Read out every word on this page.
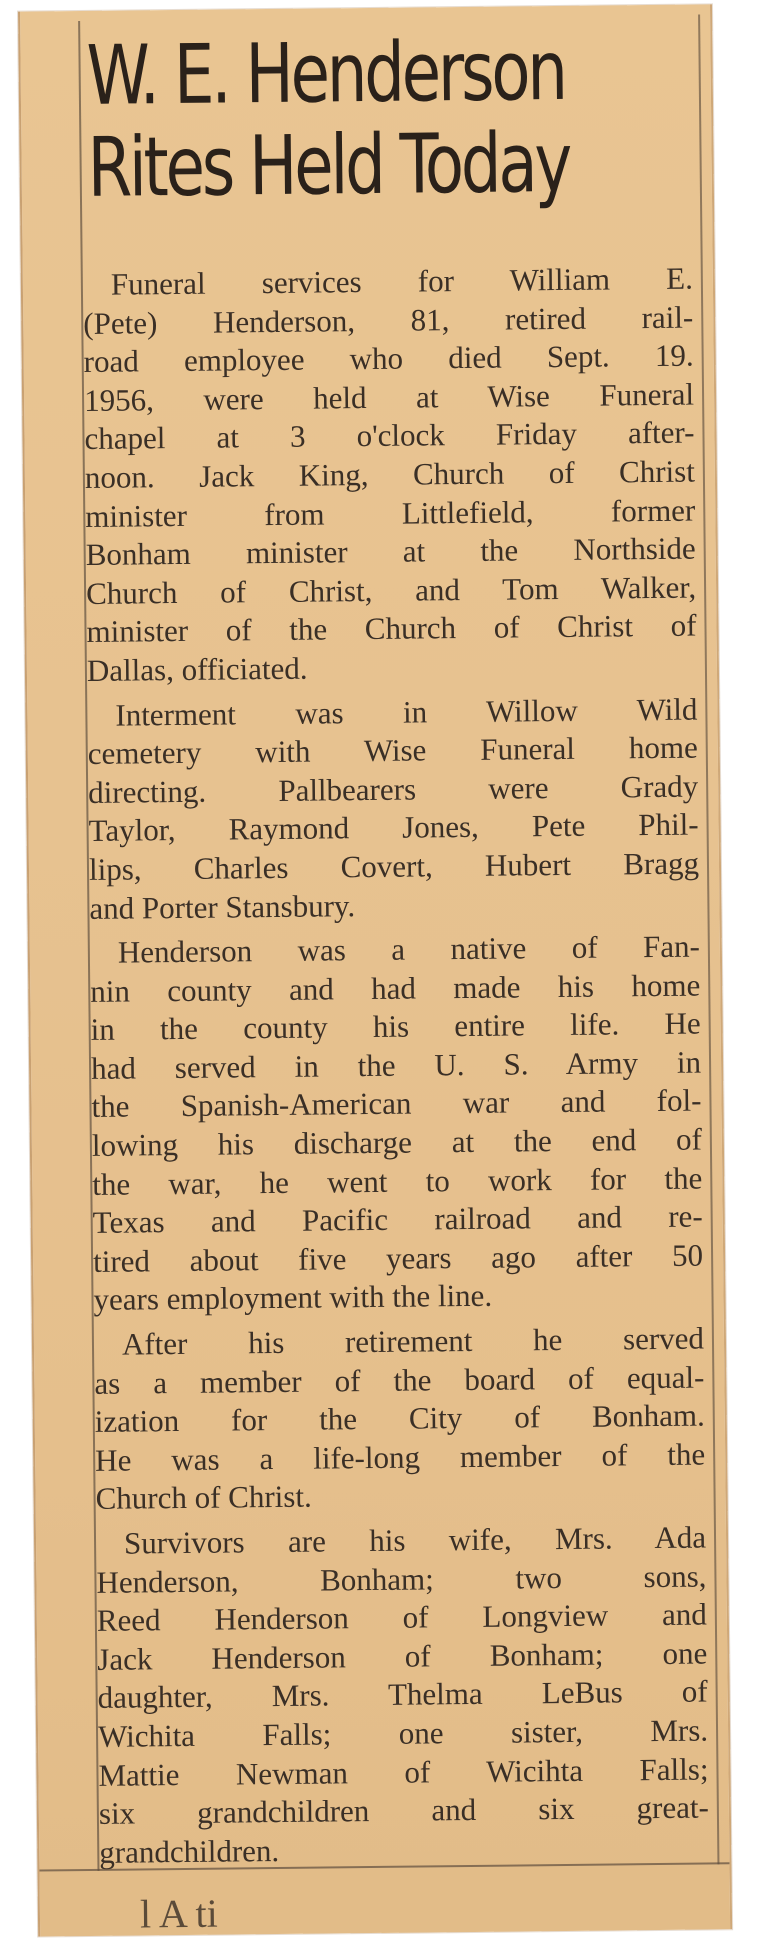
W. E. Henderson
Rites Held Today
Funeral services for William E.
(Pete) Henderson, 81, retired rail-
road employee who died Sept. 19.
1956, were held at Wise Funeral
chapel at 3 o'clock Friday after-
noon. Jack King, Church of Christ
minister from Littlefield, former
Bonham minister at the Northside
Church of Christ, and Tom Walker,
minister of the Church of Christ of
Dallas, officiated.
Interment was in Willow Wild
cemetery with Wise Funeral home
directing. Pallbearers were Grady
Taylor, Raymond Jones, Pete Phil-
lips, Charles Covert, Hubert Bragg
and Porter Stansbury.
Henderson was a native of Fan-
nin county and had made his home
in the county his entire life. He
had served in the U. S. Army in
the Spanish-American war and fol-
lowing his discharge at the end of
the war, he went to work for the
Texas and Pacific railroad and re-
tired about five years ago after 50
years employment with the line.
After his retirement he served
as a member of the board of equal-
ization for the City of Bonham.
He was a life-long member of the
Church of Christ.
Survivors are his wife, Mrs. Ada
Henderson, Bonham; two sons,
Reed Henderson of Longview and
Jack Henderson of Bonham; one
daughter, Mrs. Thelma LeBus of
Wichita Falls; one sister, Mrs.
Mattie Newman of Wicihta Falls;
six grandchildren and six great-
grandchildren.
l A ti
